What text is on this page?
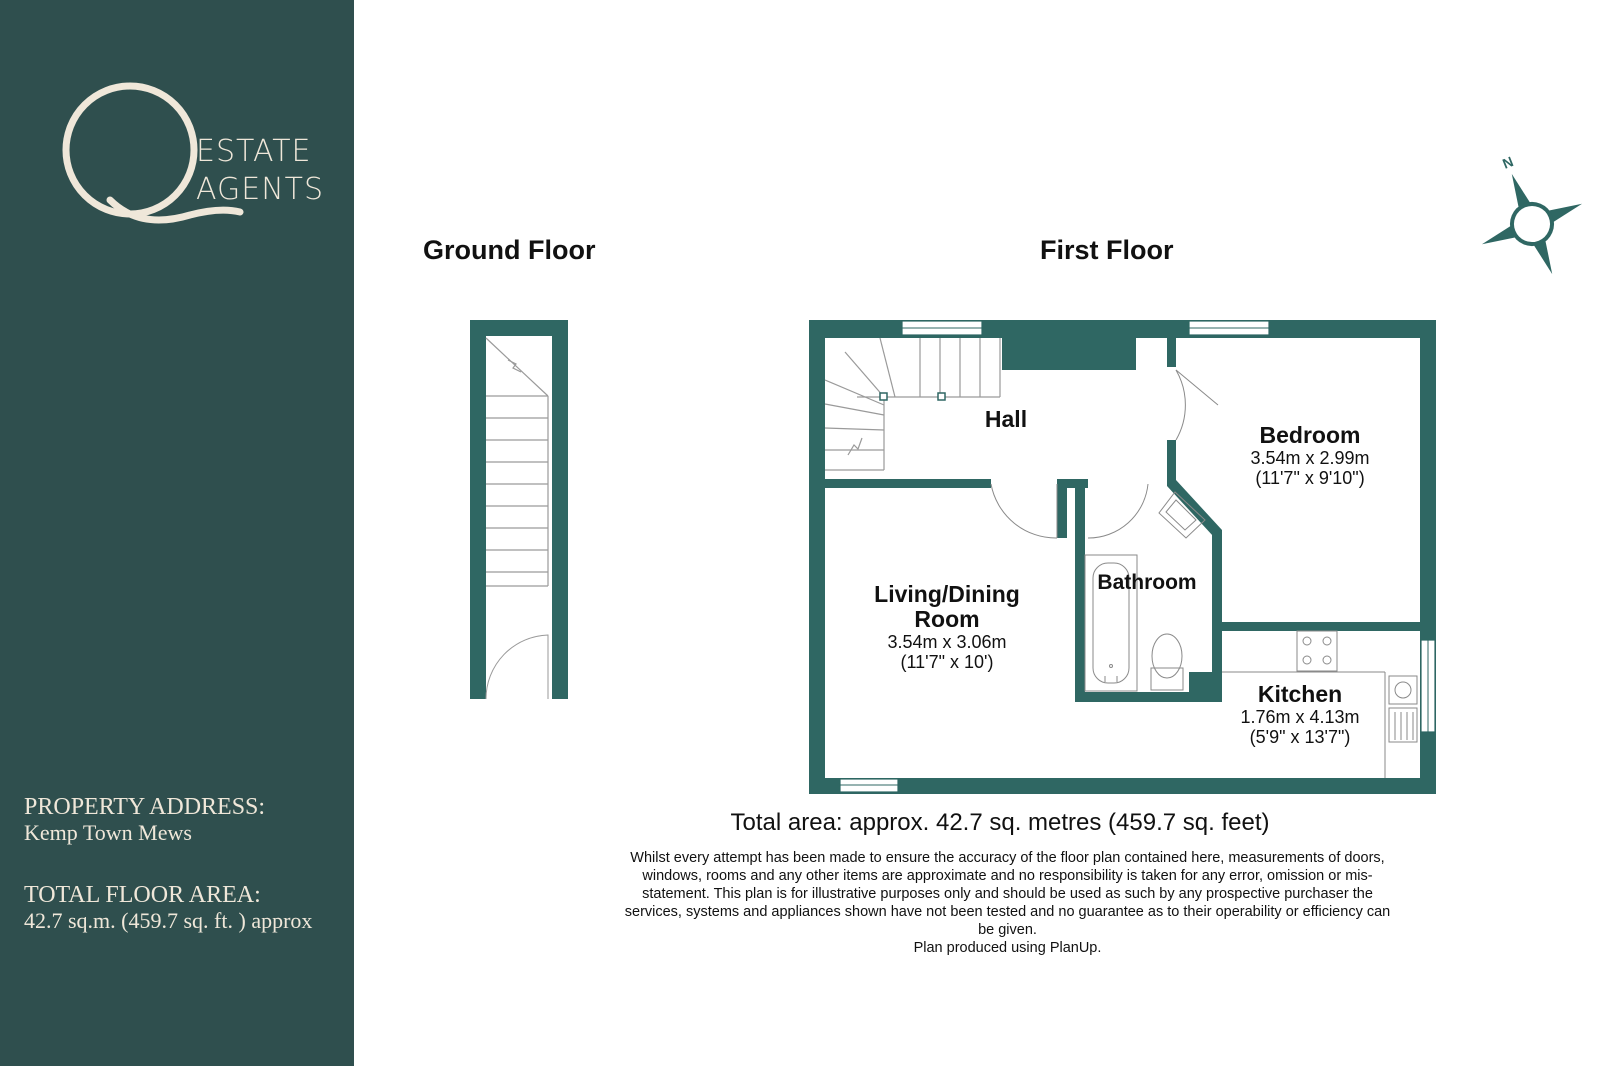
ESTATE
AGENTS
PROPERTY ADDRESS:
Kemp Town Mews
TOTAL FLOOR AREA:
42.7 sq.m. (459.7 sq. ft. ) approx
Ground Floor	First Floor
N
Hall
Bedroom
3.54m x 2.99m
(11'7" x 9'10")
Living/Dining
Room
3.54m x 3.06m
(11'7" x 10')
Bathroom
Kitchen
1.76m x 4.13m
(5'9" x 13'7")
Total area: approx. 42.7 sq. metres (459.7 sq. feet)
Whilst every attempt has been made to ensure the accuracy of the floor plan contained here, measurements of doors,
windows, rooms and any other items are approximate and no responsibility is taken for any error, omission or mis-
statement. This plan is for illustrative purposes only and should be used as such by any prospective purchaser the
services, systems and appliances shown have not been tested and no guarantee as to their operability or efficiency can
be given.
Plan produced using PlanUp.
